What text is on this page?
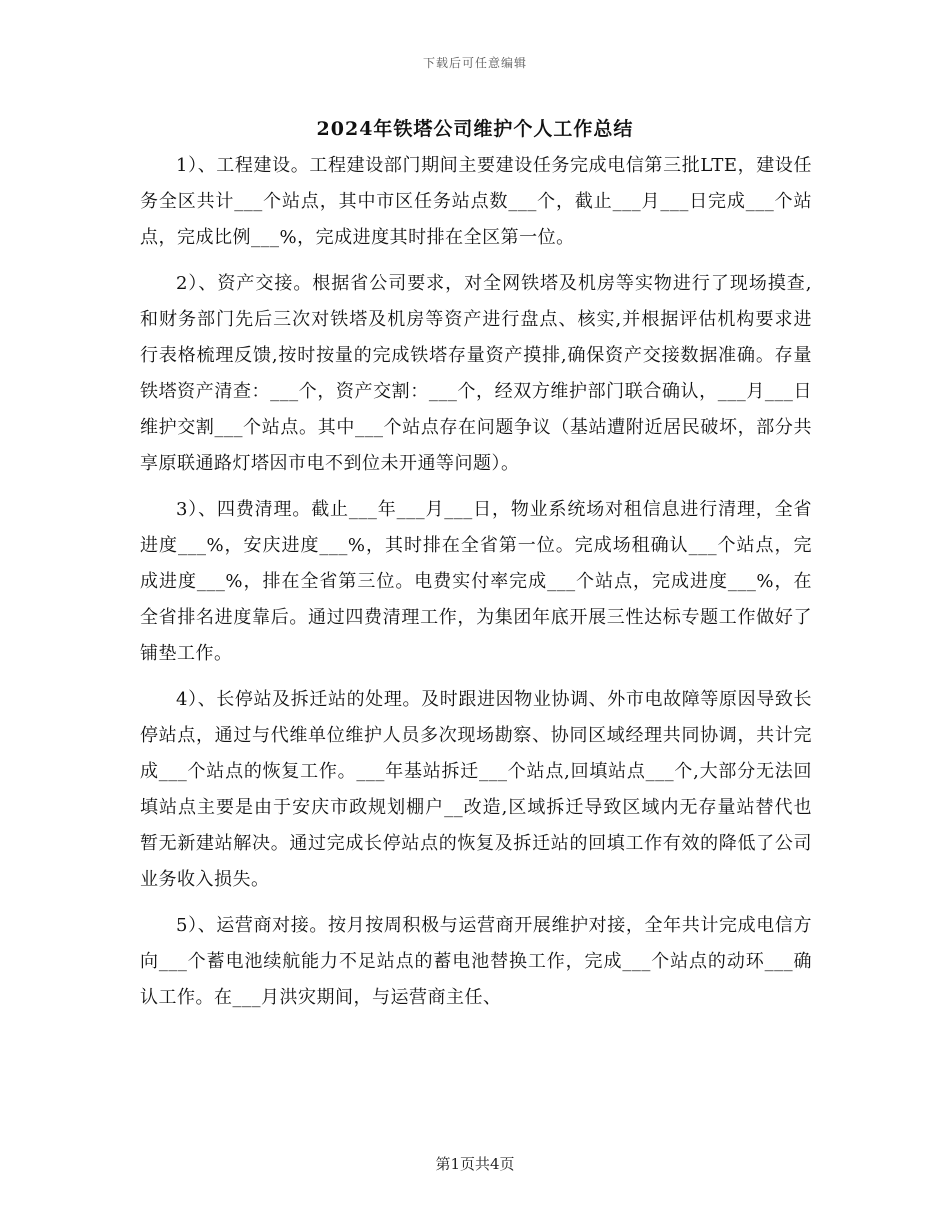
下载后可任意编辑
2024年铁塔公司维护个人工作总结

1）、工程建设。工程建设部门期间主要建设任务完成电信第三批LTE，建设任务全区共计___个站点，其中市区任务站点数___个，截止___月___日完成___个站点，完成比例___%，完成进度其时排在全区第一位。

2）、资产交接。根据省公司要求，对全网铁塔及机房等实物进行了现场摸查,和财务部门先后三次对铁塔及机房等资产进行盘点、核实,并根据评估机构要求进行表格梳理反馈,按时按量的完成铁塔存量资产摸排,确保资产交接数据准确。存量铁塔资产清查：___个，资产交割：___个，经双方维护部门联合确认，___月___日维护交割___个站点。其中___个站点存在问题争议（基站遭附近居民破坏，部分共享原联通路灯塔因市电不到位未开通等问题）。

3）、四费清理。截止___年___月___日，物业系统场对租信息进行清理，全省进度___%，安庆进度___%，其时排在全省第一位。完成场租确认___个站点，完成进度___%，排在全省第三位。电费实付率完成___个站点，完成进度___%，在全省排名进度靠后。通过四费清理工作，为集团年底开展三性达标专题工作做好了铺垫工作。

4）、长停站及拆迁站的处理。及时跟进因物业协调、外市电故障等原因导致长停站点，通过与代维单位维护人员多次现场勘察、协同区域经理共同协调，共计完成___个站点的恢复工作。___年基站拆迁___个站点,回填站点___个,大部分无法回填站点主要是由于安庆市政规划棚户__改造,区域拆迁导致区域内无存量站替代也暂无新建站解决。通过完成长停站点的恢复及拆迁站的回填工作有效的降低了公司业务收入损失。

5）、运营商对接。按月按周积极与运营商开展维护对接，全年共计完成电信方向___个蓄电池续航能力不足站点的蓄电池替换工作，完成___个站点的动环___确认工作。在___月洪灾期间，与运营商主任、

第1页共4页
